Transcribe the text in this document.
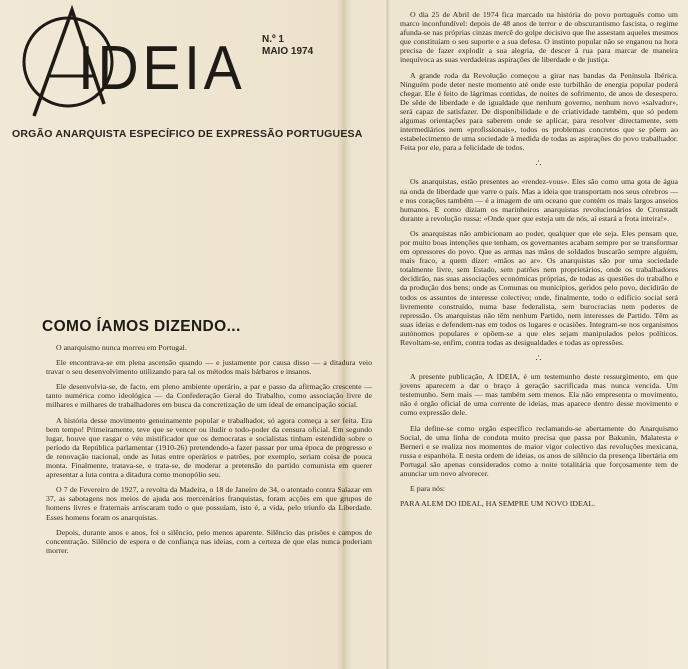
IDEIA N.º 1
MAIO 1974
ORGÃO ANARQUISTA ESPECÍFICO DE EXPRESSÃO PORTUGUESA
COMO ÍAMOS DIZENDO...

O anarquismo nunca morreu em Portugal.

Ele encontrava-se em plena ascensão quando — e justamente por causa disso — a ditadura veio travar o seu desenvolvimento utilizando para tal os métodos mais bárbaros e insanos.

Ele desenvolvia-se, de facto, em pleno ambiente operário, a par e passo da afirmação crescente — tanto numérica como ideológica — da Confederação Geral do Trabalho, como associação livre de milhares e milhares de trabalhadores em busca da concretização de um ideal de emancipação social.

A história desse movimento genuinamente popular e trabalhador, só agora começa a ser feita. Era bem tempo! Primeiramente, teve que se vencer ou iludir o todo-poder da censura oficial. Em segundo lugar, houve que rasgar o véu mistificador que os democratas e socialistas tinham estendido sobre o período da República parlamentar (1910-26) pretendendo-a fazer passar por uma época de progresso e de renovação nacional, onde as lutas entre operários e patrões, por exemplo, seriam coisa de pouca monta. Finalmente, tratava-se, e trata-se, de moderar a pretensão do partido comunista em querer apresentar a luta contra a ditadura como monopólio seu.

O 7 de Fevereiro de 1927, a revolta da Madeira, o 18 de Janeiro de 34, o atentado contra Salazar em 37, as sabotagens nos meios de ajuda aos mercenários franquistas, foram acções em que grupos de homens livres e fraternais arriscaram tudo o que possuíam, isto é, a vida, pelo triunfo da Liberdade. Esses homens foram os anarquistas.

Depois, durante anos e anos, foi o silêncio, pelo menos aparente. Silêncio das prisões e campos de concentração. Silêncio de espera e de confiança nas ideias, com a certeza de que elas nunca poderiam morrer.

O dia 25 de Abril de 1974 fica marcado na história do povo português como um marco inconfundível: depois de 48 anos de terror e de obscurantismo fascista, o regime afunda-se nas próprias cinzas mercê do golpe decisivo que lhe assestam aqueles mesmos que constituíam o seu suporte e a sua defesa. O instinto popular não se enganou na hora precisa de fazer explodir a sua alegria, de descer à rua para marcar de maneira inequívoca as suas verdadeiras aspirações de liberdade e de justiça.

A grande roda da Revolução começou a girar nas bandas da Península Ibérica. Ninguém pode deter neste momento até onde este turbilhão de energia popular poderá chegar. Ele é feito de lágrimas contidas, de noites de sofrimento, de anos de desespero. De sêde de liberdade e de igualdade que nenhum governo, nenhum novo «salvador», será capaz de satisfazer. De disponibilidade e de criatividade também, que só pedem algumas orientações para saberem onde se aplicar, para resolver directamente, sem intermediários nem «profissionais», todos os problemas concretos que se põem ao estabelecimento de uma sociedade à medida de todas as aspirações do povo trabalhador. Feita por ele, para a felicidade de todos.

∴

Os anarquistas, estão presentes ao «rendez-vous». Eles são como uma gota de água na onda de liberdade que varre o país. Mas a ideia que transportam nos seus cérebros — e nos corações também — é a imagem de um oceano que contém os mais largos anseios humanos. E como diziam os marinheiros anarquistas revolucionários de Cronstadt durante a revolução russa: «Onde quer que esteja um de nós, aí estará a frota inteira!».

Os anarquistas não ambicionam ao poder, qualquer que ele seja. Eles pensam que, por muito boas intenções que tenham, os governantes acabam sempre por se transformar em opressores do povo. Que as armas nas mãos de soldados buscarão sempre alguém, mais fraco, a quem dizer: «mãos ao ar». Os anarquistas são por uma sociedade totalmente livre, sem Estado, sem patrões nem proprietários, onde os trabalhadores decidirão, nas suas associações económicas próprias, de todas as questões do trabalho e da produção dos bens; onde as Comunas ou municípios, geridos pelo povo, decidirão de todos os assuntos de interesse colectivo; onde, finalmente, todo o edifício social será livremente construído, numa base federalista, sem burocracias nem poderes de repressão. Os anarquistas não têm nenhum Partido, nem interesses de Partido. Têm as suas ideias e defendem-nas em todos os lugares e ocasiões. Integram-se nos organismos autónomos populares e opõem-se a que eles sejam manipulados pelos políticos. Revoltam-se, enfim, contra todas as desigualdades e todas as opressões.

∴

A presente publicação, A IDEIA, é um testemunho deste ressurgimento, em que jovens aparecem a dar o braço à geração sacrificada mas nunca vencida. Um testemunho. Sem mais — mas também sem menos. Ela não empresenta o movimento, não é orgão oficial de uma corrente de ideias, mas aparece dentro desse movimento e como expressão dele.

Ela define-se como orgão específico reclamando-se abertamente do Anarquismo Social, de uma linha de conduta muito precisa que passa por Bakunin, Malatesta e Berneri e se realiza nos momentos de maior vigor colectivo das revoluções mexicana, russa e espanhola. E nesta ordem de ideias, os anos de silêncio da presença libertária em Portugal são apenas considerados como a noite totalitária que forçosamente tem de anunciar um novo alvorecer.

E para nós:

PARA ALEM DO IDEAL, HA SEMPRE UM NOVO IDEAL.
